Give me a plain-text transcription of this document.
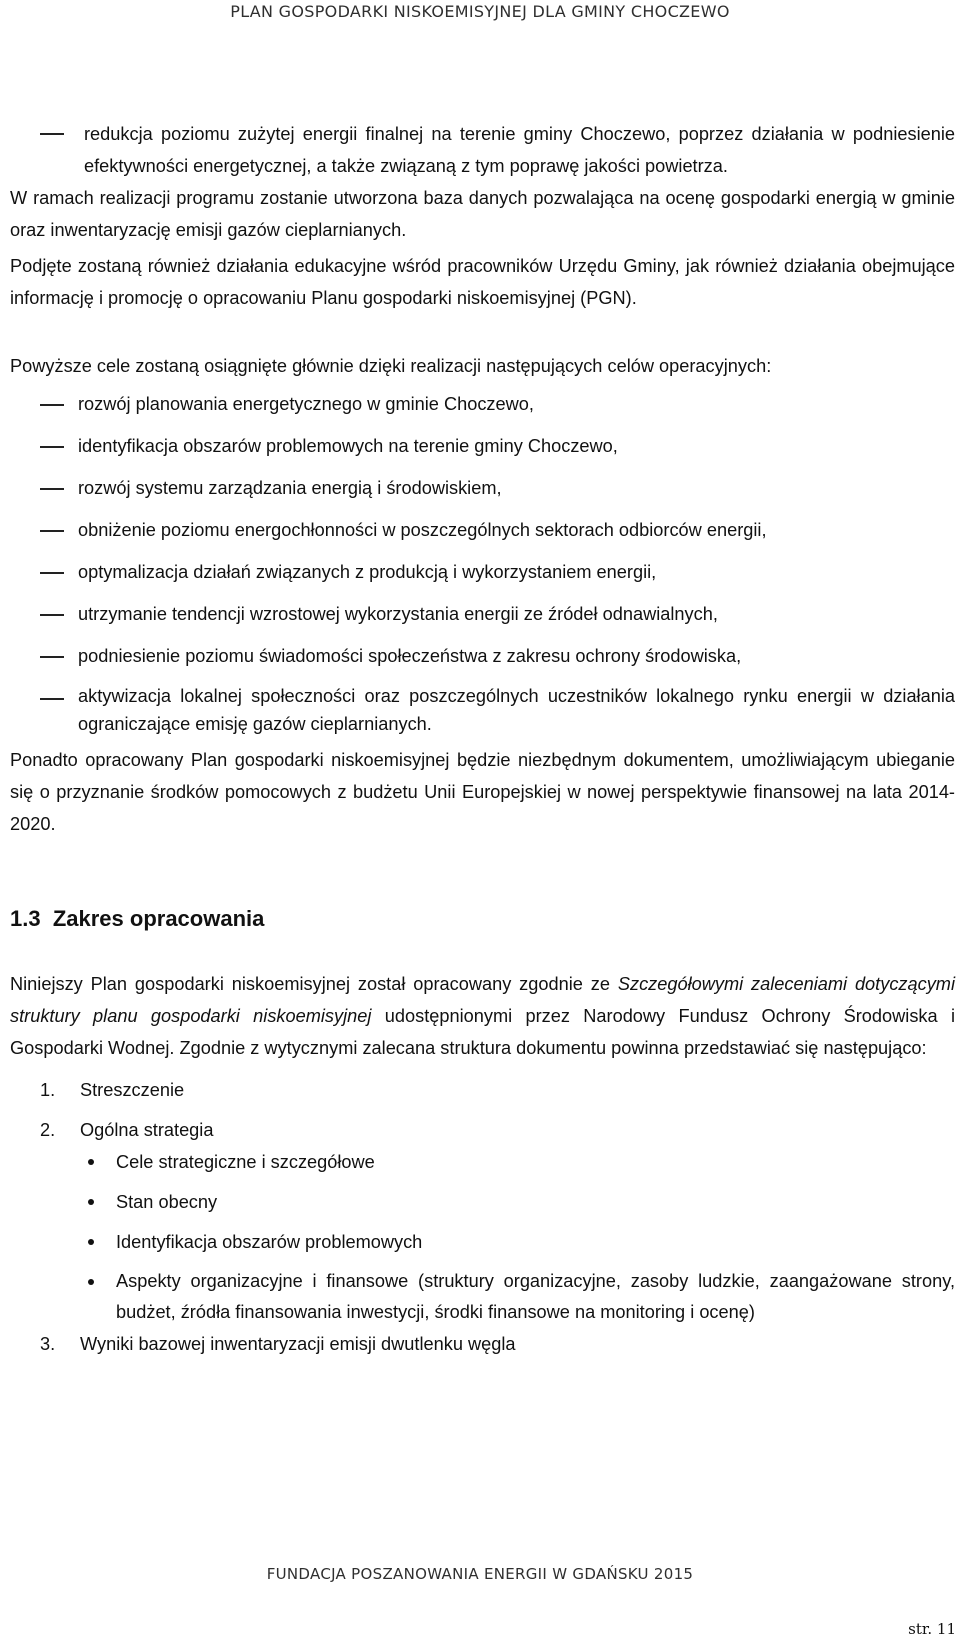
PLAN GOSPODARKI NISKOEMISYJNEJ DLA GMINY CHOCZEWO
redukcja poziomu zużytej energii finalnej na terenie gminy Choczewo, poprzez działania w podniesienie efektywności energetycznej, a także związaną z tym poprawę jakości powietrza.

W ramach realizacji programu zostanie utworzona baza danych pozwalająca na ocenę gospodarki energią w gminie oraz inwentaryzację emisji gazów cieplarnianych.

Podjęte zostaną również działania edukacyjne wśród pracowników Urzędu Gminy, jak również działania obejmujące informację i promocję o opracowaniu Planu gospodarki niskoemisyjnej (PGN).

Powyższe cele zostaną osiągnięte głównie dzięki realizacji następujących celów operacyjnych:

rozwój planowania energetycznego w gminie Choczewo,
identyfikacja obszarów problemowych na terenie gminy Choczewo,
rozwój systemu zarządzania energią i środowiskiem,
obniżenie poziomu energochłonności w poszczególnych sektorach odbiorców energii,
optymalizacja działań związanych z produkcją i wykorzystaniem energii,
utrzymanie tendencji wzrostowej wykorzystania energii ze źródeł odnawialnych,
podniesienie poziomu świadomości społeczeństwa z zakresu ochrony środowiska,
aktywizacja lokalnej społeczności oraz poszczególnych uczestników lokalnego rynku energii w działania ograniczające emisję gazów cieplarnianych.

Ponadto opracowany Plan gospodarki niskoemisyjnej będzie niezbędnym dokumentem, umożliwiającym ubieganie się o przyznanie środków pomocowych z budżetu Unii Europejskiej w nowej perspektywie finansowej na lata 2014-2020.

1.3 Zakres opracowania

Niniejszy Plan gospodarki niskoemisyjnej został opracowany zgodnie ze Szczegółowymi zaleceniami dotyczącymi struktury planu gospodarki niskoemisyjnej udostępnionymi przez Narodowy Fundusz Ochrony Środowiska i Gospodarki Wodnej. Zgodnie z wytycznymi zalecana struktura dokumentu powinna przedstawiać się następująco:

1. Streszczenie
2. Ogólna strategia
Cele strategiczne i szczegółowe
Stan obecny
Identyfikacja obszarów problemowych
Aspekty organizacyjne i finansowe (struktury organizacyjne, zasoby ludzkie, zaangażowane strony, budżet, źródła finansowania inwestycji, środki finansowe na monitoring i ocenę)
3. Wyniki bazowej inwentaryzacji emisji dwutlenku węgla
FUNDACJA POSZANOWANIA ENERGII W GDAŃSKU 2015
str. 11
